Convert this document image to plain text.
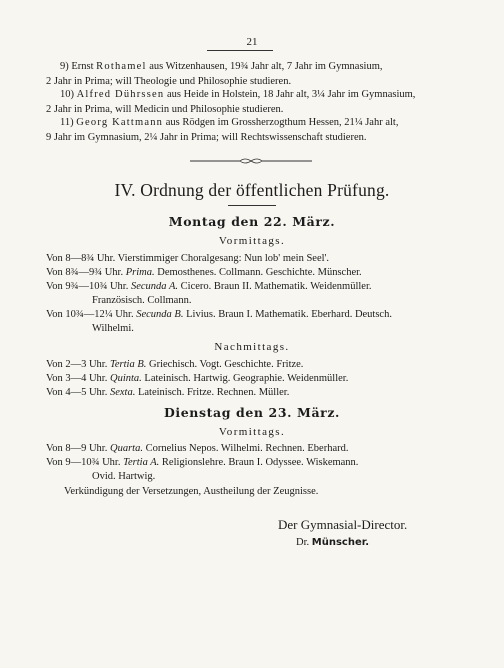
21
9) Ernst Rothamel aus Witzenhausen, 19¾ Jahr alt, 7 Jahr im Gymnasium,
2 Jahr in Prima; will Theologie und Philosophie studieren.
10) Alfred Dührssen aus Heide in Holstein, 18 Jahr alt, 3¼ Jahr im Gymnasium,
2 Jahr in Prima, will Medicin und Philosophie studieren.
11) Georg Kattmann aus Rödgen im Grossherzogthum Hessen, 21¼ Jahr alt,
9 Jahr im Gymnasium, 2¼ Jahr in Prima; will Rechtswissenschaft studieren.
IV. Ordnung der öffentlichen Prüfung.
Montag den 22. März.
Vormittags.
Von 8—8¾ Uhr. Vierstimmiger Choralgesang: Nun lob' mein Seel'.
Von 8¾—9¾ Uhr. Prima. Demosthenes. Collmann. Geschichte. Münscher.
Von 9¾—10¾ Uhr. Secunda A. Cicero. Braun II. Mathematik. Weidenmüller.
Französisch. Collmann.
Von 10¾—12¼ Uhr. Secunda B. Livius. Braun I. Mathematik. Eberhard. Deutsch.
Wilhelmi.
Nachmittags.
Von 2—3 Uhr. Tertia B. Griechisch. Vogt. Geschichte. Fritze.
Von 3—4 Uhr. Quinta. Lateinisch. Hartwig. Geographie. Weidenmüller.
Von 4—5 Uhr. Sexta. Lateinisch. Fritze. Rechnen. Müller.
Dienstag den 23. März.
Vormittags.
Von 8—9 Uhr. Quarta. Cornelius Nepos. Wilhelmi. Rechnen. Eberhard.
Von 9—10¾ Uhr. Tertia A. Religionslehre. Braun I. Odyssee. Wiskemann.
Ovid. Hartwig.
Verkündigung der Versetzungen, Austheilung der Zeugnisse.
Der Gymnasial-Director.
Dr. Münscher.
